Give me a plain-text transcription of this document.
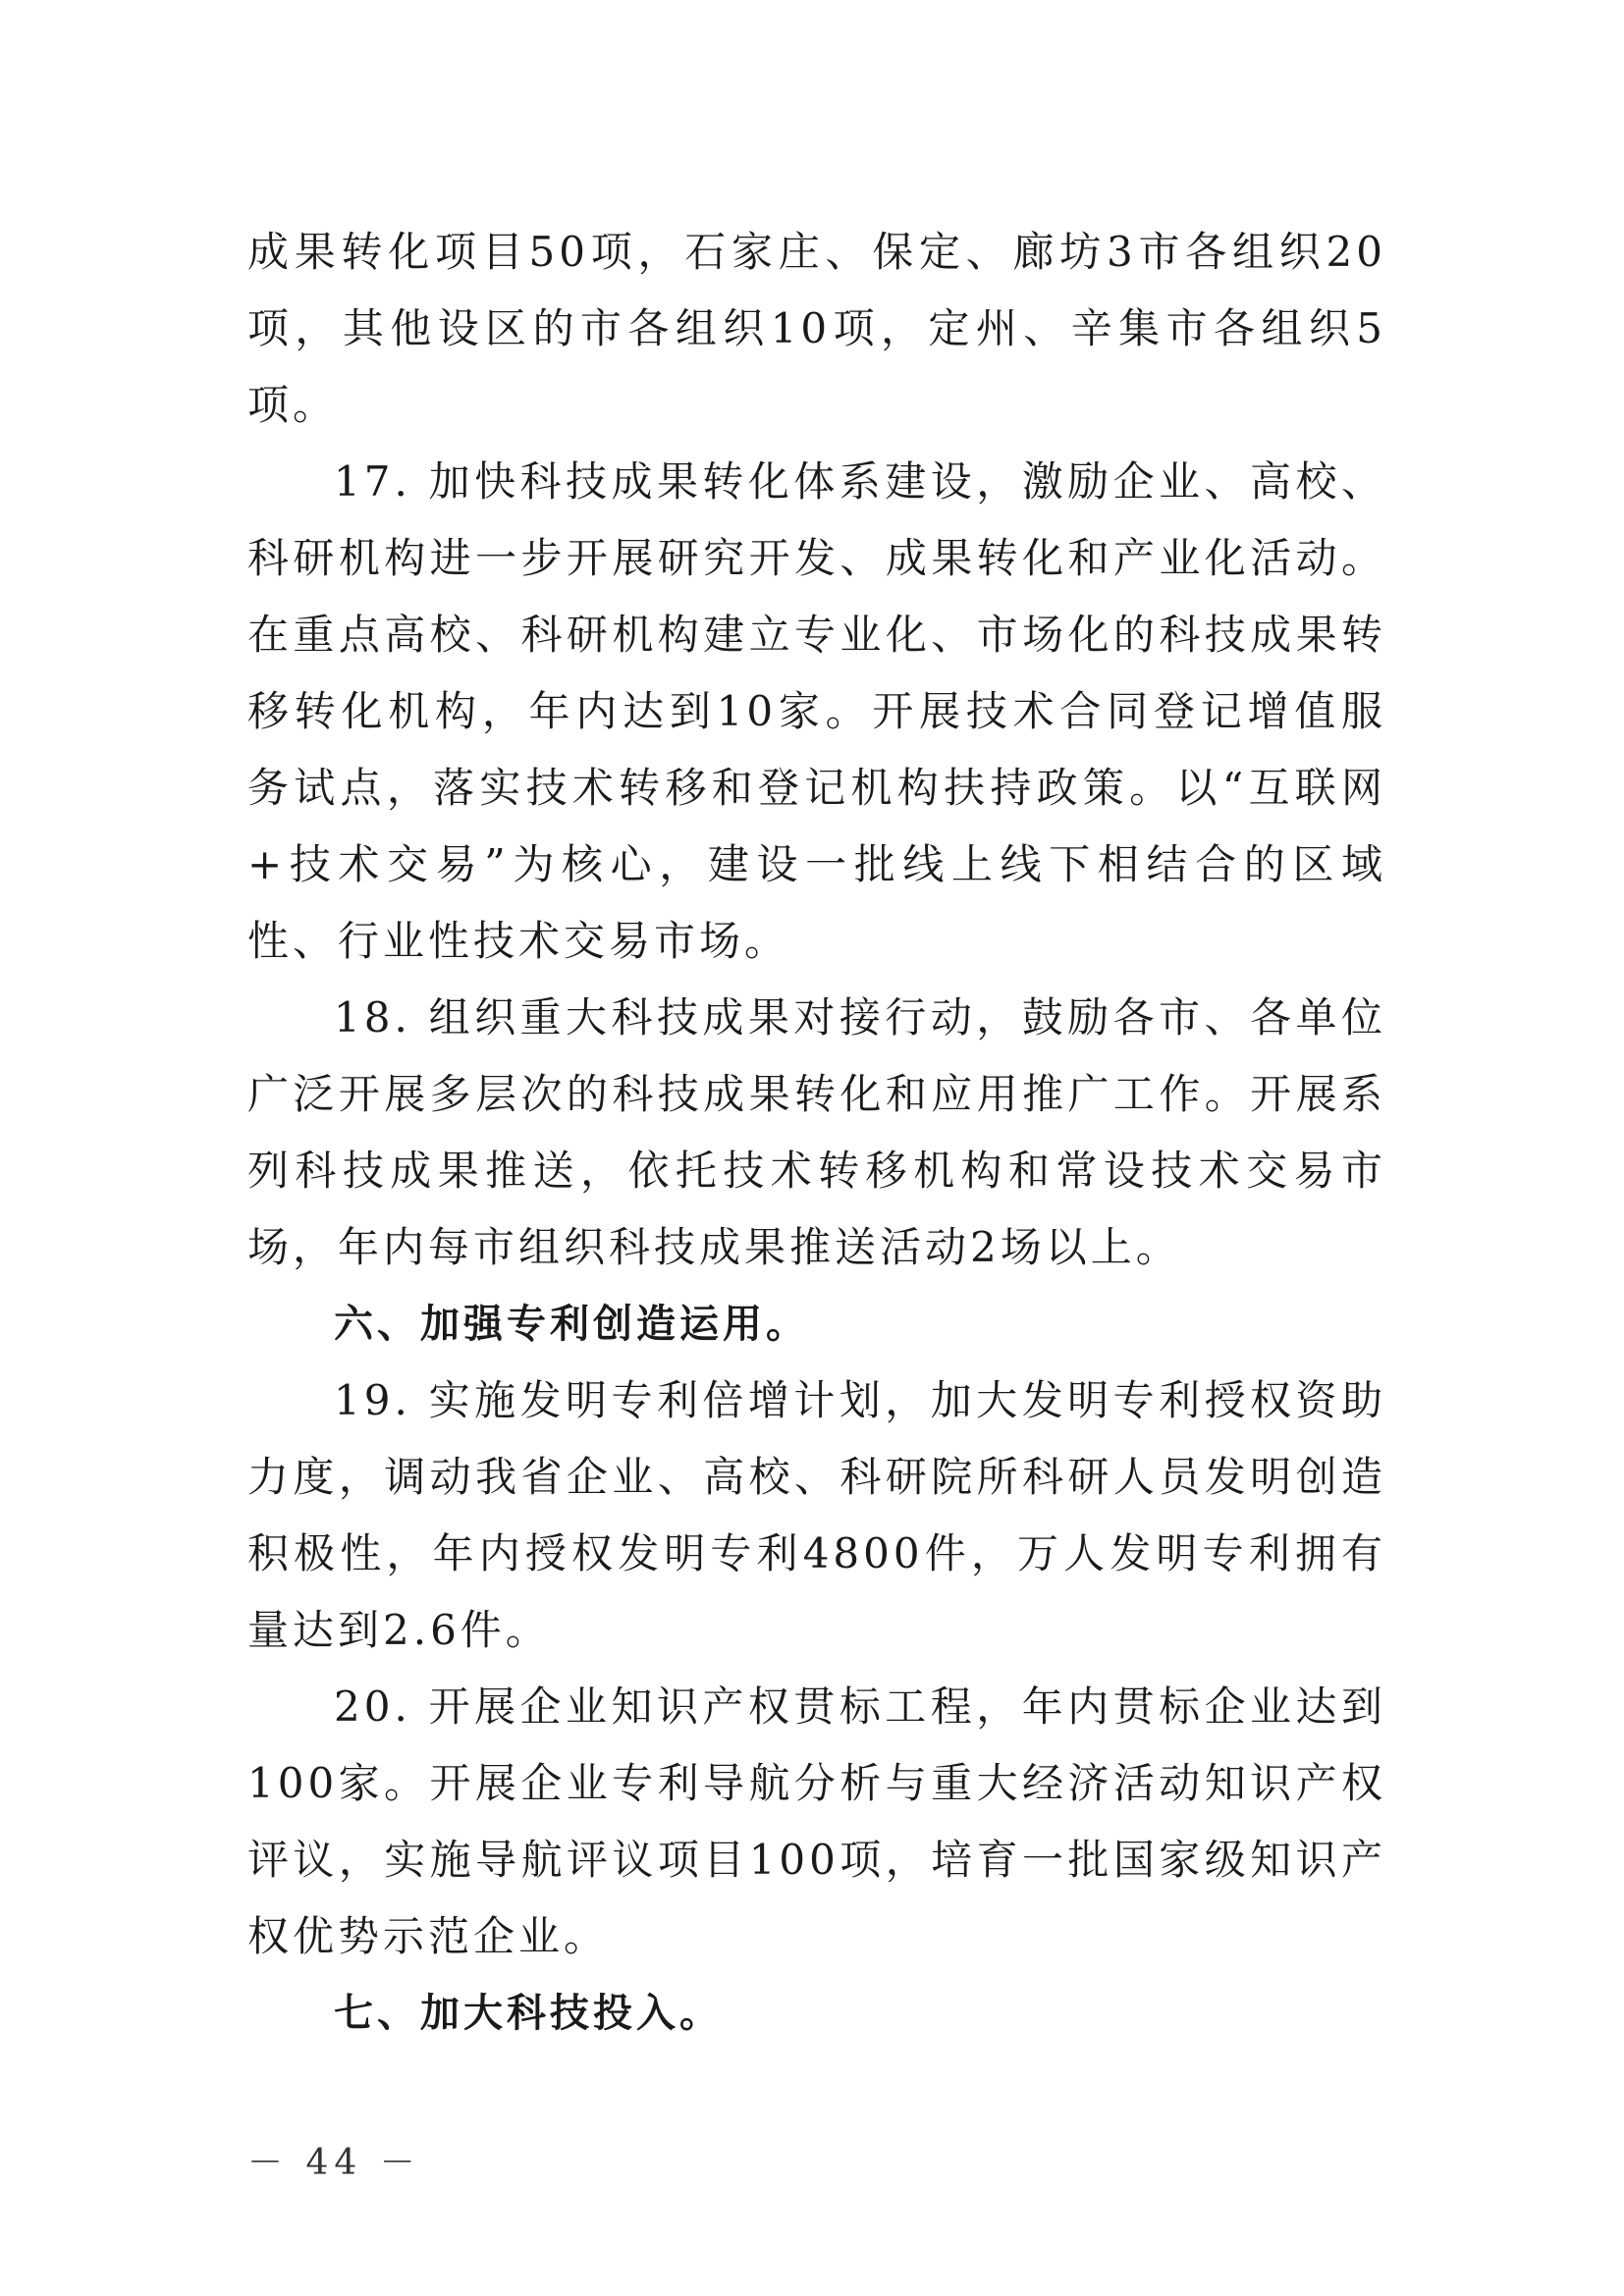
成果转化项目50项，石家庄、保定、廊坊3市各组织20项，其他设区的市各组织10项，定州、辛集市各组织5项。

17. 加快科技成果转化体系建设，激励企业、高校、科研机构进一步开展研究开发、成果转化和产业化活动。在重点高校、科研机构建立专业化、市场化的科技成果转移转化机构，年内达到10家。开展技术合同登记增值服务试点，落实技术转移和登记机构扶持政策。以“互联网+技术交易”为核心，建设一批线上线下相结合的区域性、行业性技术交易市场。

18. 组织重大科技成果对接行动，鼓励各市、各单位广泛开展多层次的科技成果转化和应用推广工作。开展系列科技成果推送，依托技术转移机构和常设技术交易市场，年内每市组织科技成果推送活动2场以上。

六、加强专利创造运用。

19. 实施发明专利倍增计划，加大发明专利授权资助力度，调动我省企业、高校、科研院所科研人员发明创造积极性，年内授权发明专利4800件，万人发明专利拥有量达到2.6件。

20. 开展企业知识产权贯标工程，年内贯标企业达到100家。开展企业专利导航分析与重大经济活动知识产权评议，实施导航评议项目100项，培育一批国家级知识产权优势示范企业。

七、加大科技投入。

－ 44 －
